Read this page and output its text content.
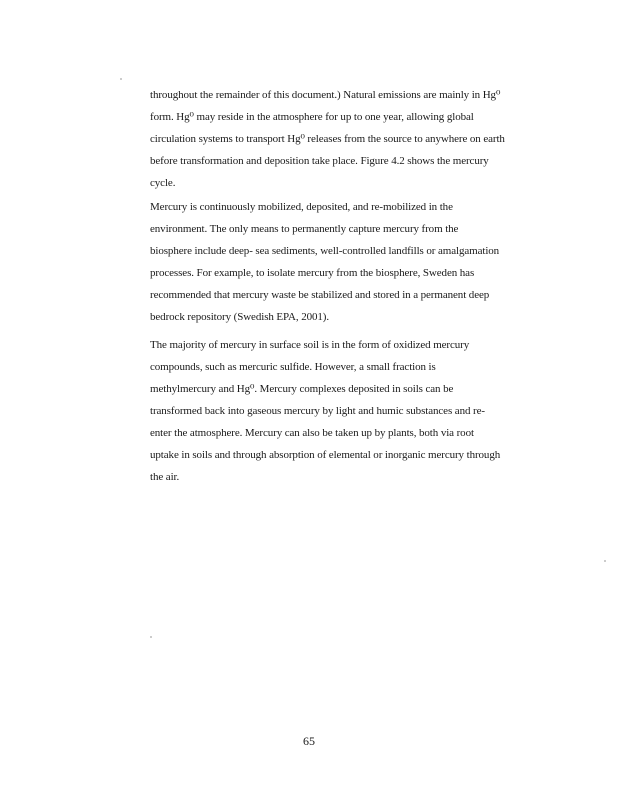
throughout the remainder of this document.) Natural emissions are mainly in Hg⁰
form. Hg⁰ may reside in the atmosphere for up to one year, allowing global
circulation systems to transport Hg⁰ releases from the source to anywhere on earth
before transformation and deposition take place. Figure 4.2 shows the mercury
cycle.
Mercury is continuously mobilized, deposited, and re-mobilized in the
environment. The only means to permanently capture mercury from the
biosphere include deep- sea sediments, well-controlled landfills or amalgamation
processes. For example, to isolate mercury from the biosphere, Sweden has
recommended that mercury waste be stabilized and stored in a permanent deep
bedrock repository (Swedish EPA, 2001).
The majority of mercury in surface soil is in the form of oxidized mercury
compounds, such as mercuric sulfide. However, a small fraction is
methylmercury and Hg⁰. Mercury complexes deposited in soils can be
transformed back into gaseous mercury by light and humic substances and re-
enter the atmosphere. Mercury can also be taken up by plants, both via root
uptake in soils and through absorption of elemental or inorganic mercury through
the air.
65
